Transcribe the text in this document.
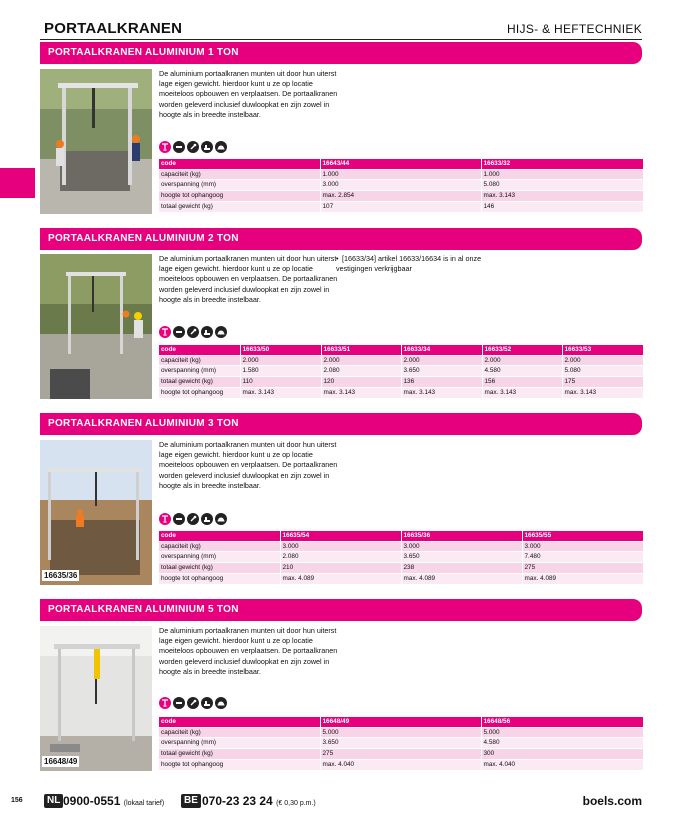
PORTAALKRANEN	HIJS- & HEFTECHNIEK
PORTAALKRANEN ALUMINIUM 1 TON
De aluminium portaalkranen munten uit door hun uiterst lage eigen gewicht. hierdoor kunt u ze op locatie moeiteloos opbouwen en verplaatsen. De portaalkranen worden geleverd inclusief duwloopkat en zijn zowel in hoogte als in breedte instelbaar.
code	16643/44	16633/32
capaciteit (kg)	1.000	1.000
overspanning (mm)	3.000	5.080
hoogte tot ophangoog	max. 2.854	max. 3.143
totaal gewicht (kg)	107	146
PORTAALKRANEN ALUMINIUM 2 TON
De aluminium portaalkranen munten uit door hun uiterst lage eigen gewicht. hierdoor kunt u ze op locatie moeiteloos opbouwen en verplaatsen. De portaalkranen worden geleverd inclusief duwloopkat en zijn zowel in hoogte als in breedte instelbaar.
• [16633/34] artikel 16633/16634 is in al onze vestigingen verkrijgbaar
code	16633/50	16633/51	16633/34	16633/52	16633/53
capaciteit (kg)	2.000	2.000	2.000	2.000	2.000
overspanning (mm)	1.580	2.080	3.650	4.580	5.080
totaal gewicht (kg)	110	120	136	156	175
hoogte tot ophangoog	max. 3.143	max. 3.143	max. 3.143	max. 3.143	max. 3.143
PORTAALKRANEN ALUMINIUM 3 TON
16635/36
De aluminium portaalkranen munten uit door hun uiterst lage eigen gewicht. hierdoor kunt u ze op locatie moeiteloos opbouwen en verplaatsen. De portaalkranen worden geleverd inclusief duwloopkat en zijn zowel in hoogte als in breedte instelbaar.
code	16635/54	16635/36	16635/55
capaciteit (kg)	3.000	3.000	3.000
overspanning (mm)	2.080	3.650	7.480
totaal gewicht (kg)	210	238	275
hoogte tot ophangoog	max. 4.089	max. 4.089	max. 4.089
PORTAALKRANEN ALUMINIUM 5 TON
16648/49
De aluminium portaalkranen munten uit door hun uiterst lage eigen gewicht. hierdoor kunt u ze op locatie moeiteloos opbouwen en verplaatsen. De portaalkranen worden geleverd inclusief duwloopkat en zijn zowel in hoogte als in breedte instelbaar.
code	16648/49	16648/56
capaciteit (kg)	5.000	5.000
overspanning (mm)	3.650	4.580
totaal gewicht (kg)	275	300
hoogte tot ophangoog	max. 4.040	max. 4.040
156	NL 0900-0551 (lokaal tarief)	BE 070-23 23 24 (€ 0,30 p.m.)	boels.com
